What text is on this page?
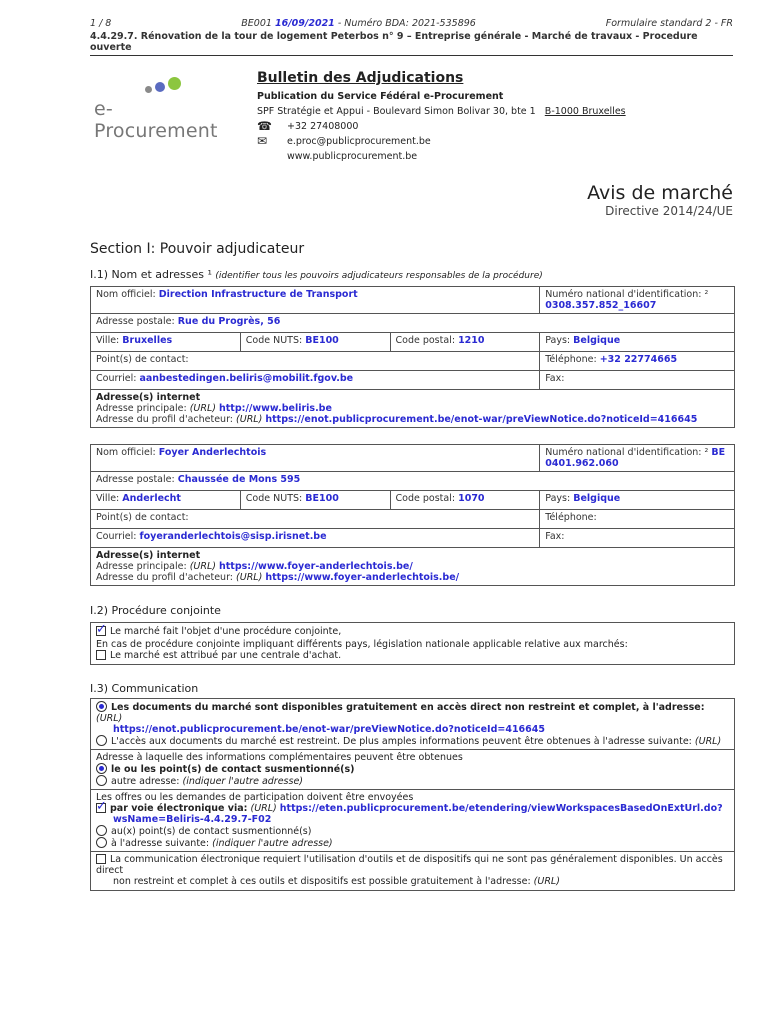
1 / 8	BE001 16/09/2021 - Numéro BDA: 2021-535896	Formulaire standard 2 - FR
4.4.29.7. Rénovation de la tour de logement Peterbos n° 9 – Entreprise générale - Marché de travaux - Procedure ouverte
e-Procurement
Bulletin des Adjudications
Publication du Service Fédéral e-Procurement
SPF Stratégie et Appui - Boulevard Simon Bolivar 30, bte 1 B-1000 Bruxelles
☎ +32 27408000
✉ e.proc@publicprocurement.be
www.publicprocurement.be
Avis de marché
Directive 2014/24/UE
Section I: Pouvoir adjudicateur
I.1) Nom et adresses ¹ (identifier tous les pouvoirs adjudicateurs responsables de la procédure)
Nom officiel: Direction Infrastructure de Transport			Numéro national d'identification: ² 0308.357.852_16607
Adresse postale: Rue du Progrès, 56			
Ville: Bruxelles	Code NUTS: BE100	Code postal: 1210	Pays: Belgique
Point(s) de contact:			Téléphone: +32 22774665
Courriel: aanbestedingen.beliris@mobilit.fgov.be			Fax:

Adresse(s) internet
Adresse principale: (URL) http://www.beliris.be
Adresse du profil d'acheteur: (URL) https://enot.publicprocurement.be/enot-war/preViewNotice.do?noticeId=416645			
Nom officiel: Foyer Anderlechtois			Numéro national d'identification: ² BE 0401.962.060
Adresse postale: Chaussée de Mons 595			
Ville: Anderlecht	Code NUTS: BE100	Code postal: 1070	Pays: Belgique
Point(s) de contact:			Téléphone:
Courriel: foyeranderlechtois@sisp.irisnet.be			Fax:

Adresse(s) internet
Adresse principale: (URL) https://www.foyer-anderlechtois.be/
Adresse du profil d'acheteur: (URL) https://www.foyer-anderlechtois.be/			
I.2) Procédure conjointe
✓Le marché fait l'objet d'une procédure conjointe,
En cas de procédure conjointe impliquant différents pays, législation nationale applicable relative aux marchés:
Le marché est attribué par une centrale d'achat.
I.3) Communication
Les documents du marché sont disponibles gratuitement en accès direct non restreint et complet, à l'adresse: (URL)
https://enot.publicprocurement.be/enot-war/preViewNotice.do?noticeId=416645
L'accès aux documents du marché est restreint. De plus amples informations peuvent être obtenues à l'adresse suivante: (URL)
Adresse à laquelle des informations complémentaires peuvent être obtenues
le ou les point(s) de contact susmentionné(s)
autre adresse: (indiquer l'autre adresse)
Les offres ou les demandes de participation doivent être envoyées
✓par voie électronique via: (URL) https://eten.publicprocurement.be/etendering/viewWorkspacesBasedOnExtUrl.do?
wsName=Beliris-4.4.29.7-F02
au(x) point(s) de contact susmentionné(s)
à l'adresse suivante: (indiquer l'autre adresse)
La communication électronique requiert l'utilisation d'outils et de dispositifs qui ne sont pas généralement disponibles. Un accès direct
non restreint et complet à ces outils et dispositifs est possible gratuitement à l'adresse: (URL)
